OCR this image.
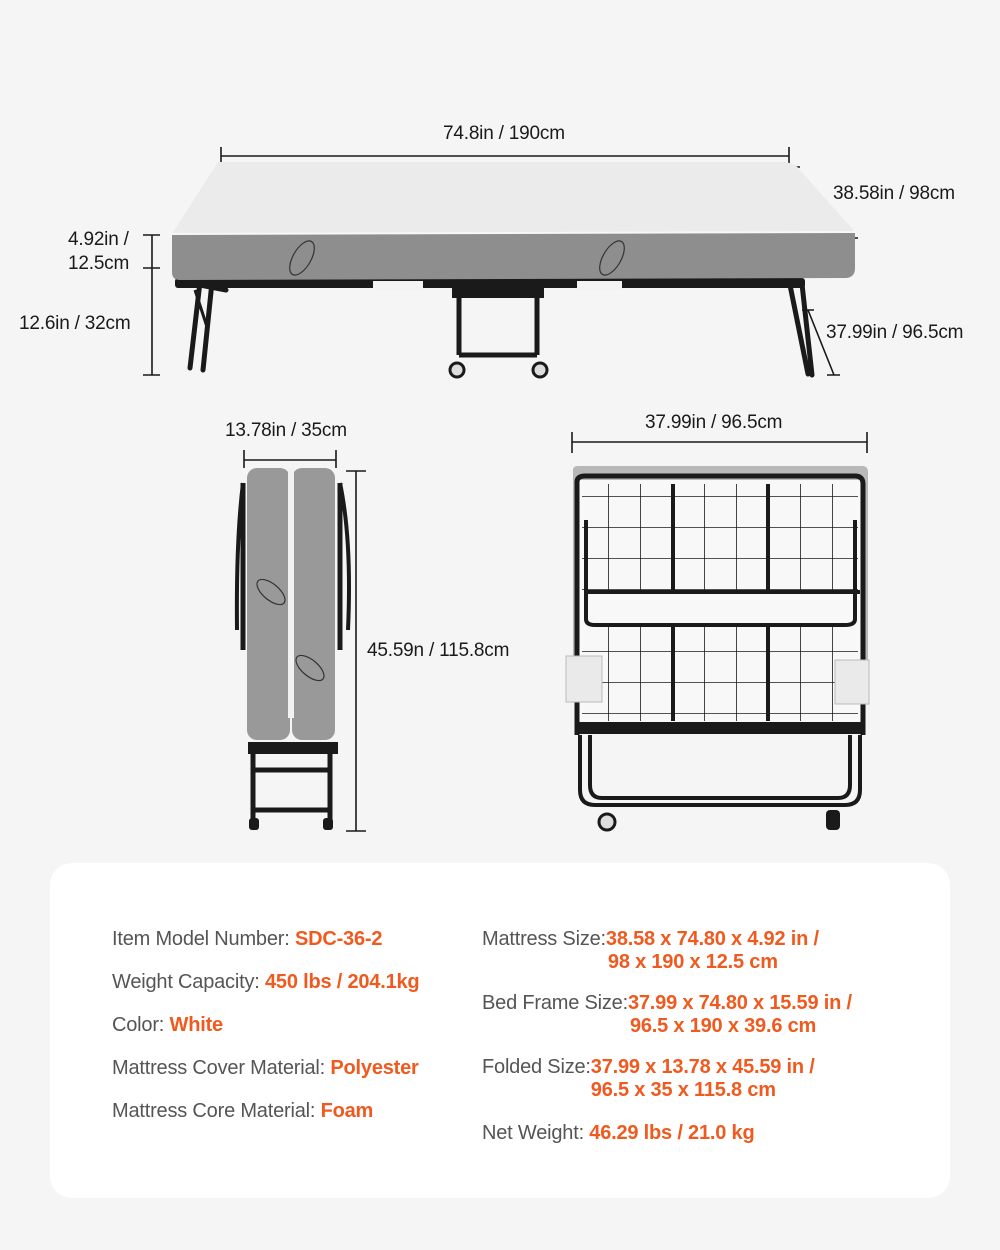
74.8in / 190cm
38.58in / 98cm
4.92in /
12.5cm
12.6in / 32cm	37.99in / 96.5cm
13.78in / 35cm
45.59n / 115.8cm
37.99in / 96.5cm
Item Model Number: SDC-36-2
Weight Capacity: 450 lbs / 204.1kg
Color: White
Mattress Cover Material: Polyester
Mattress Core Material: Foam
Mattress Size: 38.58 x 74.80 x 4.92 in /
98 x 190 x 12.5 cm
Bed Frame Size: 37.99 x 74.80 x 15.59 in /
96.5 x 190 x 39.6 cm
Folded Size: 37.99 x 13.78 x 45.59 in /
96.5 x 35 x 115.8 cm
Net Weight: 46.29 lbs / 21.0 kg
